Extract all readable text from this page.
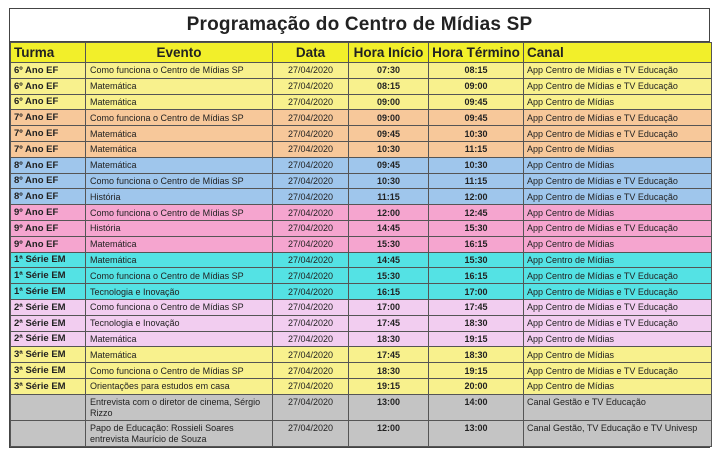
Programação do Centro de Mídias SP
Turma	Evento	Data	Hora Início	Hora Término	Canal
6º Ano EF	Como funciona o Centro de Mídias SP	27/04/2020	07:30	08:15	App Centro de Mídias e TV Educação
6º Ano EF	Matemática	27/04/2020	08:15	09:00	App Centro de Mídias e TV Educação
6º Ano EF	Matemática	27/04/2020	09:00	09:45	App Centro de Mídias
7º Ano EF	Como funciona o Centro de Mídias SP	27/04/2020	09:00	09:45	App Centro de Mídias e TV Educação
7º Ano EF	Matemática	27/04/2020	09:45	10:30	App Centro de Mídias e TV Educação
7º Ano EF	Matemática	27/04/2020	10:30	11:15	App Centro de Mídias
8º Ano EF	Matemática	27/04/2020	09:45	10:30	App Centro de Mídias
8º Ano EF	Como funciona o Centro de Mídias SP	27/04/2020	10:30	11:15	App Centro de Mídias e TV Educação
8º Ano EF	História	27/04/2020	11:15	12:00	App Centro de Mídias e TV Educação
9º Ano EF	Como funciona o Centro de Mídias SP	27/04/2020	12:00	12:45	App Centro de Mídias
9º Ano EF	História	27/04/2020	14:45	15:30	App Centro de Mídias e TV Educação
9º Ano EF	Matemática	27/04/2020	15:30	16:15	App Centro de Mídias
1ª Série EM	Matemática	27/04/2020	14:45	15:30	App Centro de Mídias
1ª Série EM	Como funciona o Centro de Mídias SP	27/04/2020	15:30	16:15	App Centro de Mídias e TV Educação
1ª Série EM	Tecnologia e Inovação	27/04/2020	16:15	17:00	App Centro de Mídias e TV Educação
2ª Série EM	Como funciona o Centro de Mídias SP	27/04/2020	17:00	17:45	App Centro de Mídias e TV Educação
2ª Série EM	Tecnologia e Inovação	27/04/2020	17:45	18:30	App Centro de Mídias e TV Educação
2ª Série EM	Matemática	27/04/2020	18:30	19:15	App Centro de Mídias
3ª Série EM	Matemática	27/04/2020	17:45	18:30	App Centro de Mídias
3ª Série EM	Como funciona o Centro de Mídias SP	27/04/2020	18:30	19:15	App Centro de Mídias e TV Educação
3ª Série EM	Orientações para estudos em casa	27/04/2020	19:15	20:00	App Centro de Mídias
	Entrevista com o diretor de cinema, Sérgio Rizzo	27/04/2020	13:00	14:00	Canal Gestão e TV Educação
	Papo de Educação: Rossieli Soares entrevista Maurício de Souza	27/04/2020	12:00	13:00	Canal Gestão, TV Educação e TV Univesp
